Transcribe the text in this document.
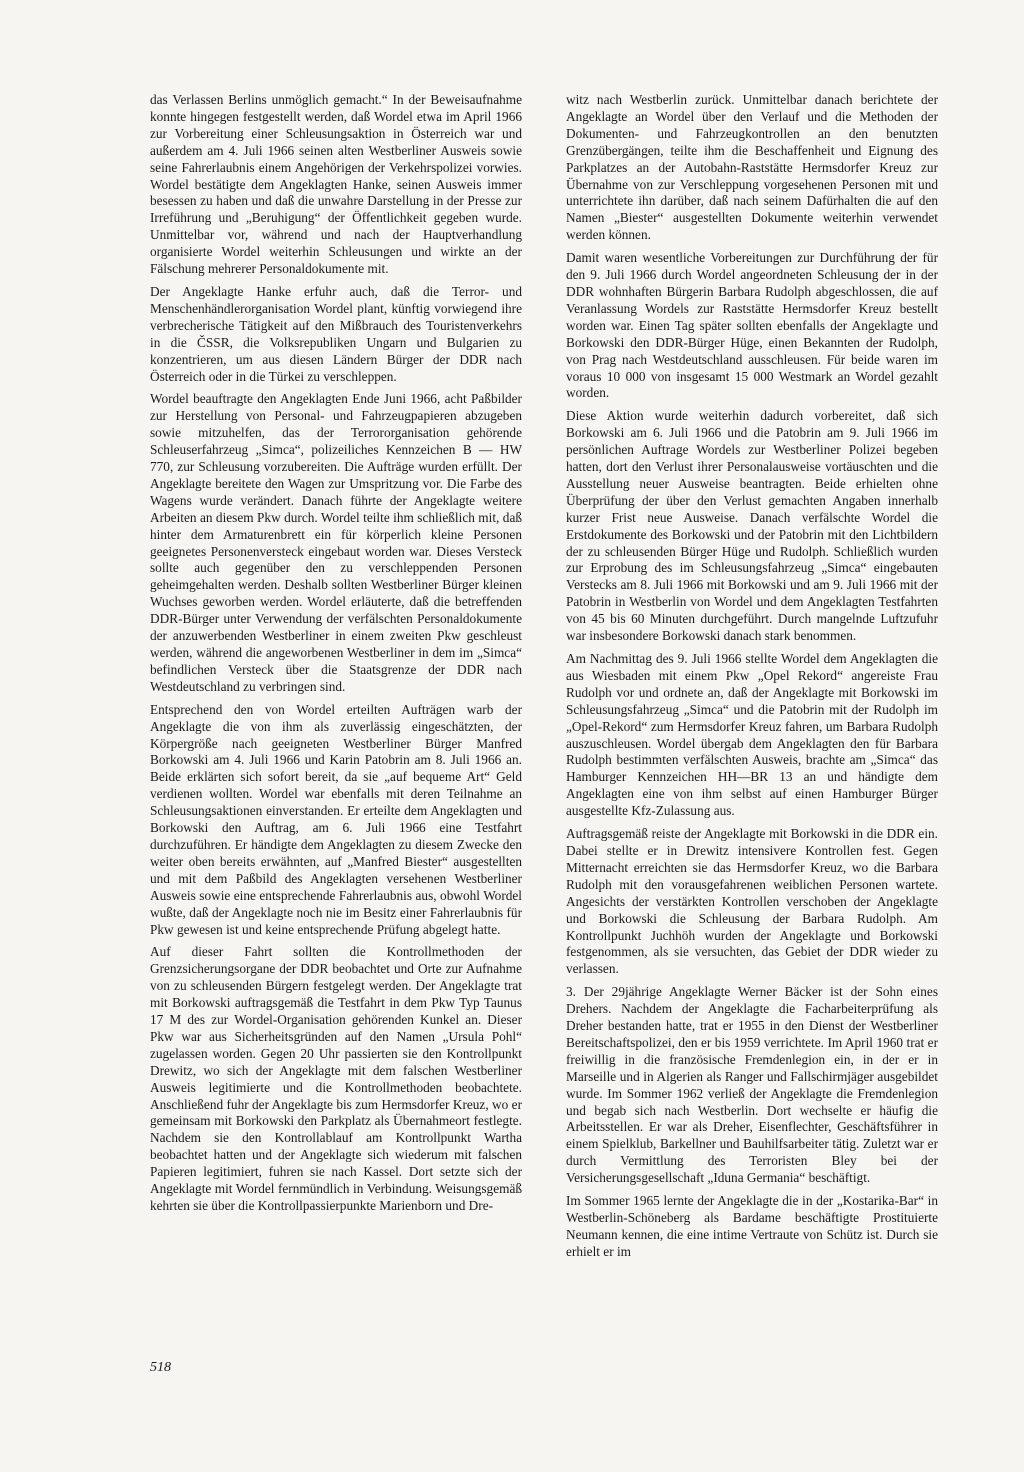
das Verlassen Berlins unmöglich gemacht.“ In der Beweisaufnahme konnte hingegen festgestellt werden, daß Wordel etwa im April 1966 zur Vorbereitung einer Schleusungsaktion in Österreich war und außerdem am 4. Juli 1966 seinen alten Westberliner Ausweis sowie seine Fahrerlaubnis einem Angehörigen der Verkehrspolizei vorwies. Wordel bestätigte dem Angeklagten Hanke, seinen Ausweis immer besessen zu haben und daß die unwahre Darstellung in der Presse zur Irreführung und „Beruhigung“ der Öffentlichkeit gegeben wurde. Unmittelbar vor, während und nach der Hauptverhandlung organisierte Wordel weiterhin Schleusungen und wirkte an der Fälschung mehrerer Personaldokumente mit.

Der Angeklagte Hanke erfuhr auch, daß die Terror- und Menschenhändlerorganisation Wordel plant, künftig vorwiegend ihre verbrecherische Tätigkeit auf den Mißbrauch des Touristenverkehrs in die ČSSR, die Volksrepubliken Ungarn und Bulgarien zu konzentrieren, um aus diesen Ländern Bürger der DDR nach Österreich oder in die Türkei zu verschleppen.

Wordel beauftragte den Angeklagten Ende Juni 1966, acht Paßbilder zur Herstellung von Personal- und Fahrzeugpapieren abzugeben sowie mitzuhelfen, das der Terrororganisation gehörende Schleuserfahrzeug „Simca“, polizeiliches Kennzeichen B — HW 770, zur Schleusung vorzubereiten. Die Aufträge wurden erfüllt. Der Angeklagte bereitete den Wagen zur Umspritzung vor. Die Farbe des Wagens wurde verändert. Danach führte der Angeklagte weitere Arbeiten an diesem Pkw durch. Wordel teilte ihm schließlich mit, daß hinter dem Armaturenbrett ein für körperlich kleine Personen geeignetes Personenversteck eingebaut worden war. Dieses Versteck sollte auch gegenüber den zu verschleppenden Personen geheimgehalten werden. Deshalb sollten Westberliner Bürger kleinen Wuchses geworben werden. Wordel erläuterte, daß die betreffenden DDR-Bürger unter Verwendung der verfälschten Personaldokumente der anzuwerbenden Westberliner in einem zweiten Pkw geschleust werden, während die angeworbenen Westberliner in dem im „Simca“ befindlichen Versteck über die Staatsgrenze der DDR nach Westdeutschland zu verbringen sind.

Entsprechend den von Wordel erteilten Aufträgen warb der Angeklagte die von ihm als zuverlässig eingeschätzten, der Körpergröße nach geeigneten Westberliner Bürger Manfred Borkowski am 4. Juli 1966 und Karin Patobrin am 8. Juli 1966 an. Beide erklärten sich sofort bereit, da sie „auf bequeme Art“ Geld verdienen wollten. Wordel war ebenfalls mit deren Teilnahme an Schleusungsaktionen einverstanden. Er erteilte dem Angeklagten und Borkowski den Auftrag, am 6. Juli 1966 eine Testfahrt durchzuführen. Er händigte dem Angeklagten zu diesem Zwecke den weiter oben bereits erwähnten, auf „Manfred Biester“ ausgestellten und mit dem Paßbild des Angeklagten versehenen Westberliner Ausweis sowie eine entsprechende Fahrerlaubnis aus, obwohl Wordel wußte, daß der Angeklagte noch nie im Besitz einer Fahrerlaubnis für Pkw gewesen ist und keine entsprechende Prüfung abgelegt hatte.

Auf dieser Fahrt sollten die Kontrollmethoden der Grenzsicherungsorgane der DDR beobachtet und Orte zur Aufnahme von zu schleusenden Bürgern festgelegt werden. Der Angeklagte trat mit Borkowski auftragsgemäß die Testfahrt in dem Pkw Typ Taunus 17 M des zur Wordel-Organisation gehörenden Kunkel an. Dieser Pkw war aus Sicherheitsgründen auf den Namen „Ursula Pohl“ zugelassen worden. Gegen 20 Uhr passierten sie den Kontrollpunkt Drewitz, wo sich der Angeklagte mit dem falschen Westberliner Ausweis legitimierte und die Kontrollmethoden beobachtete. Anschließend fuhr der Angeklagte bis zum Hermsdorfer Kreuz, wo er gemeinsam mit Borkowski den Parkplatz als Übernahmeort festlegte. Nachdem sie den Kontrollablauf am Kontrollpunkt Wartha beobachtet hatten und der Angeklagte sich wiederum mit falschen Papieren legitimiert, fuhren sie nach Kassel. Dort setzte sich der Angeklagte mit Wordel fernmündlich in Verbindung. Weisungsgemäß kehrten sie über die Kontrollpassierpunkte Marienborn und Dre-

witz nach Westberlin zurück. Unmittelbar danach berichtete der Angeklagte an Wordel über den Verlauf und die Methoden der Dokumenten- und Fahrzeugkontrollen an den benutzten Grenzübergängen, teilte ihm die Beschaffenheit und Eignung des Parkplatzes an der Autobahn-Raststätte Hermsdorfer Kreuz zur Übernahme von zur Verschleppung vorgesehenen Personen mit und unterrichtete ihn darüber, daß nach seinem Dafürhalten die auf den Namen „Biester“ ausgestellten Dokumente weiterhin verwendet werden können.

Damit waren wesentliche Vorbereitungen zur Durchführung der für den 9. Juli 1966 durch Wordel angeordneten Schleusung der in der DDR wohnhaften Bürgerin Barbara Rudolph abgeschlossen, die auf Veranlassung Wordels zur Raststätte Hermsdorfer Kreuz bestellt worden war. Einen Tag später sollten ebenfalls der Angeklagte und Borkowski den DDR-Bürger Hüge, einen Bekannten der Rudolph, von Prag nach Westdeutschland ausschleusen. Für beide waren im voraus 10 000 von insgesamt 15 000 Westmark an Wordel gezahlt worden.

Diese Aktion wurde weiterhin dadurch vorbereitet, daß sich Borkowski am 6. Juli 1966 und die Patobrin am 9. Juli 1966 im persönlichen Auftrage Wordels zur Westberliner Polizei begeben hatten, dort den Verlust ihrer Personalausweise vortäuschten und die Ausstellung neuer Ausweise beantragten. Beide erhielten ohne Überprüfung der über den Verlust gemachten Angaben innerhalb kurzer Frist neue Ausweise. Danach verfälschte Wordel die Erstdokumente des Borkowski und der Patobrin mit den Lichtbildern der zu schleusenden Bürger Hüge und Rudolph. Schließlich wurden zur Erprobung des im Schleusungsfahrzeug „Simca“ eingebauten Verstecks am 8. Juli 1966 mit Borkowski und am 9. Juli 1966 mit der Patobrin in Westberlin von Wordel und dem Angeklagten Testfahrten von 45 bis 60 Minuten durchgeführt. Durch mangelnde Luftzufuhr war insbesondere Borkowski danach stark benommen.

Am Nachmittag des 9. Juli 1966 stellte Wordel dem Angeklagten die aus Wiesbaden mit einem Pkw „Opel Rekord“ angereiste Frau Rudolph vor und ordnete an, daß der Angeklagte mit Borkowski im Schleusungsfahrzeug „Simca“ und die Patobrin mit der Rudolph im „Opel-Rekord“ zum Hermsdorfer Kreuz fahren, um Barbara Rudolph auszuschleusen. Wordel übergab dem Angeklagten den für Barbara Rudolph bestimmten verfälschten Ausweis, brachte am „Simca“ das Hamburger Kennzeichen HH—BR 13 an und händigte dem Angeklagten eine von ihm selbst auf einen Hamburger Bürger ausgestellte Kfz-Zulassung aus.

Auftragsgemäß reiste der Angeklagte mit Borkowski in die DDR ein. Dabei stellte er in Drewitz intensivere Kontrollen fest. Gegen Mitternacht erreichten sie das Hermsdorfer Kreuz, wo die Barbara Rudolph mit den vorausgefahrenen weiblichen Personen wartete. Angesichts der verstärkten Kontrollen verschoben der Angeklagte und Borkowski die Schleusung der Barbara Rudolph. Am Kontrollpunkt Juchhöh wurden der Angeklagte und Borkowski festgenommen, als sie versuchten, das Gebiet der DDR wieder zu verlassen.

3. Der 29jährige Angeklagte Werner Bäcker ist der Sohn eines Drehers. Nachdem der Angeklagte die Facharbeiterprüfung als Dreher bestanden hatte, trat er 1955 in den Dienst der Westberliner Bereitschaftspolizei, den er bis 1959 verrichtete. Im April 1960 trat er freiwillig in die französische Fremdenlegion ein, in der er in Marseille und in Algerien als Ranger und Fallschirmjäger ausgebildet wurde. Im Sommer 1962 verließ der Angeklagte die Fremdenlegion und begab sich nach Westberlin. Dort wechselte er häufig die Arbeitsstellen. Er war als Dreher, Eisenflechter, Geschäftsführer in einem Spielklub, Barkellner und Bauhilfsarbeiter tätig. Zuletzt war er durch Vermittlung des Terroristen Bley bei der Versicherungsgesellschaft „Iduna Germania“ beschäftigt.

Im Sommer 1965 lernte der Angeklagte die in der „Kostarika-Bar“ in Westberlin-Schöneberg als Bardame beschäftigte Prostituierte Neumann kennen, die eine intime Vertraute von Schütz ist. Durch sie erhielt er im

518
